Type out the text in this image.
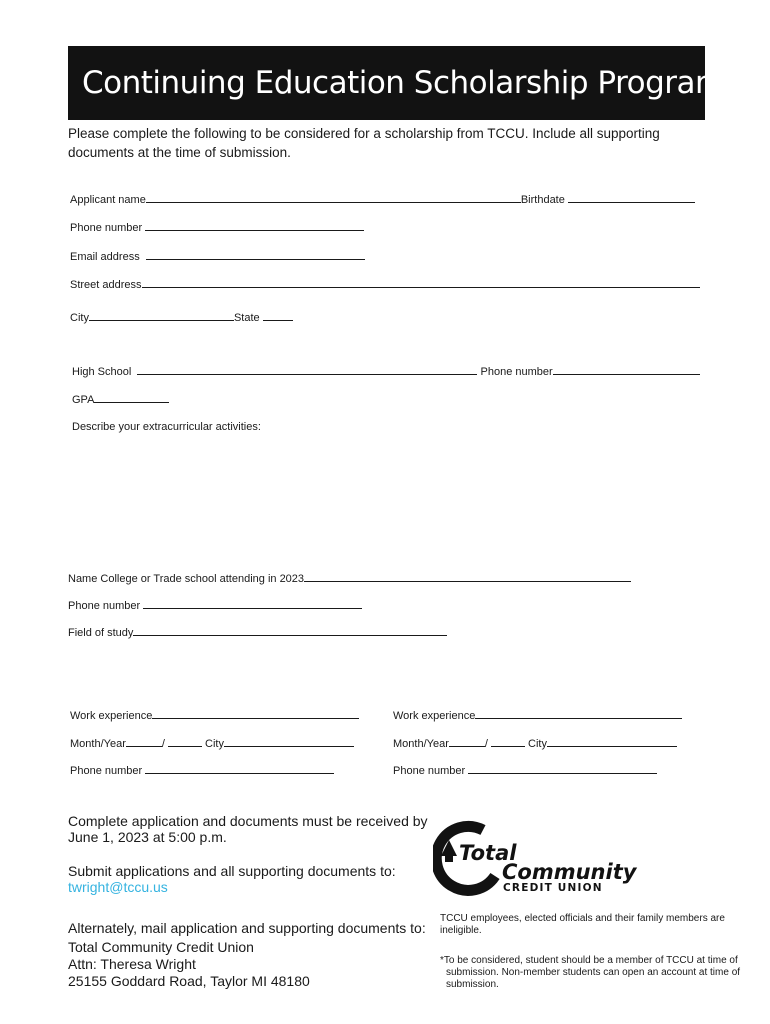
Continuing Education Scholarship Program

Please complete the following to be considered for a scholarship from TCCU. Include all supporting documents at the time of submission.

Applicant name	Birthdate
Phone number
Email address
Street address
City	State
High School	Phone number
GPA
Describe your extracurricular activities:
Name College or Trade school attending in 2023
Phone number
Field of study
Work experience
Month/Year	/	City
Phone number
Work experience
Month/Year	/	City
Phone number
Complete application and documents must be received by
June 1, 2023 at 5:00 p.m.
Submit applications and all supporting documents to:
twright@tccu.us
Alternately, mail application and supporting documents to:
Total Community Credit Union
Attn: Theresa Wright
25155 Goddard Road, Taylor MI 48180
Total
Community
CREDIT UNION
TCCU employees, elected officials and their family members are ineligible.
*To be considered, student should be a member of TCCU at time of submission. Non-member students can open an account at time of submission.
